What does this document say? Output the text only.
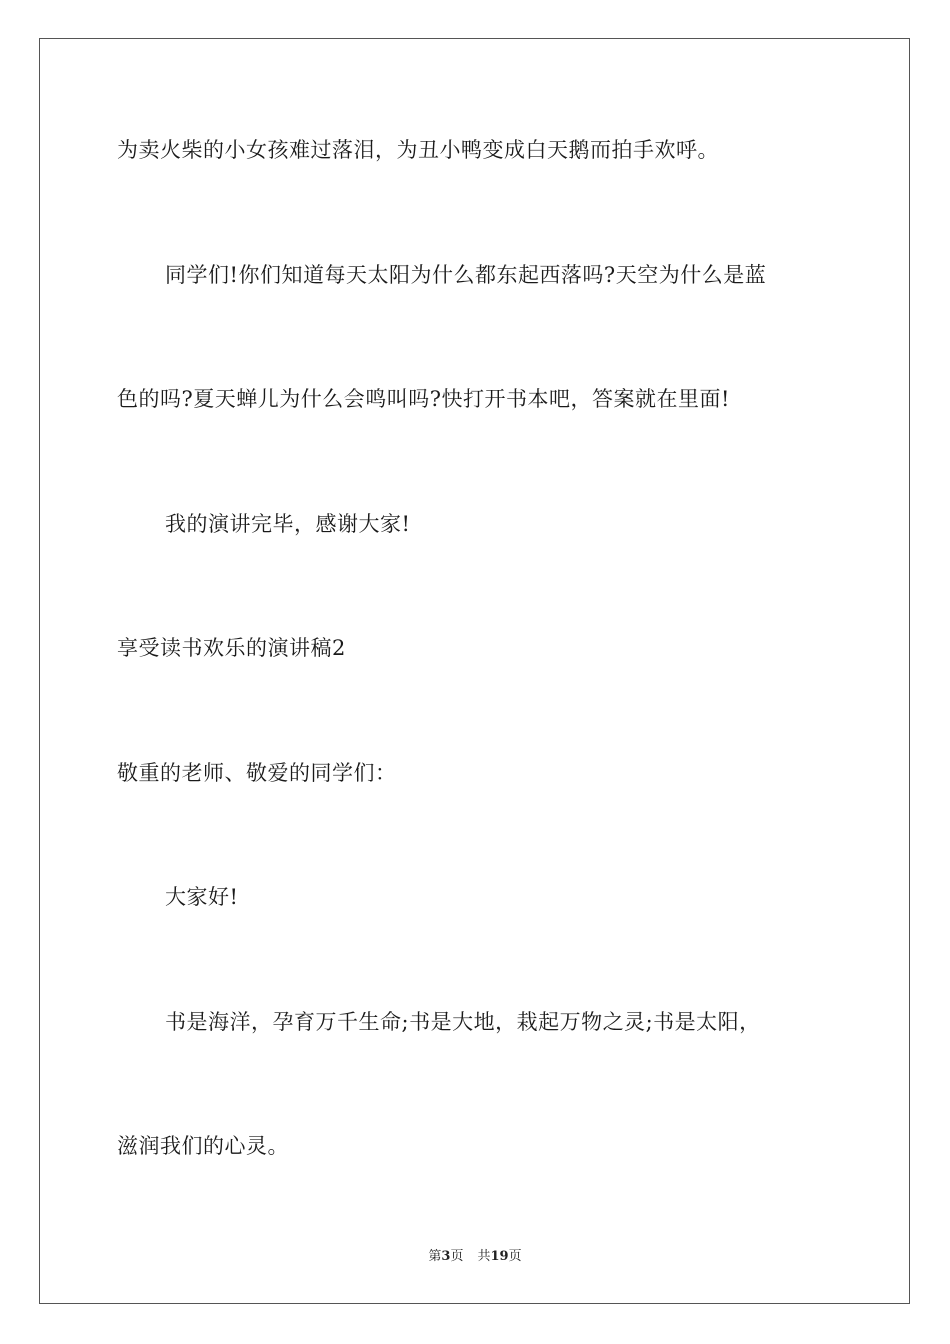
为卖火柴的小女孩难过落泪，为丑小鸭变成白天鹅而拍手欢呼。
同学们!你们知道每天太阳为什么都东起西落吗?天空为什么是蓝
色的吗?夏天蝉儿为什么会鸣叫吗?快打开书本吧，答案就在里面!
我的演讲完毕，感谢大家!
享受读书欢乐的演讲稿2
敬重的老师、敬爱的同学们：
大家好!
书是海洋，孕育万千生命;书是大地，栽起万物之灵;书是太阳，
滋润我们的心灵。
第3页 共19页
